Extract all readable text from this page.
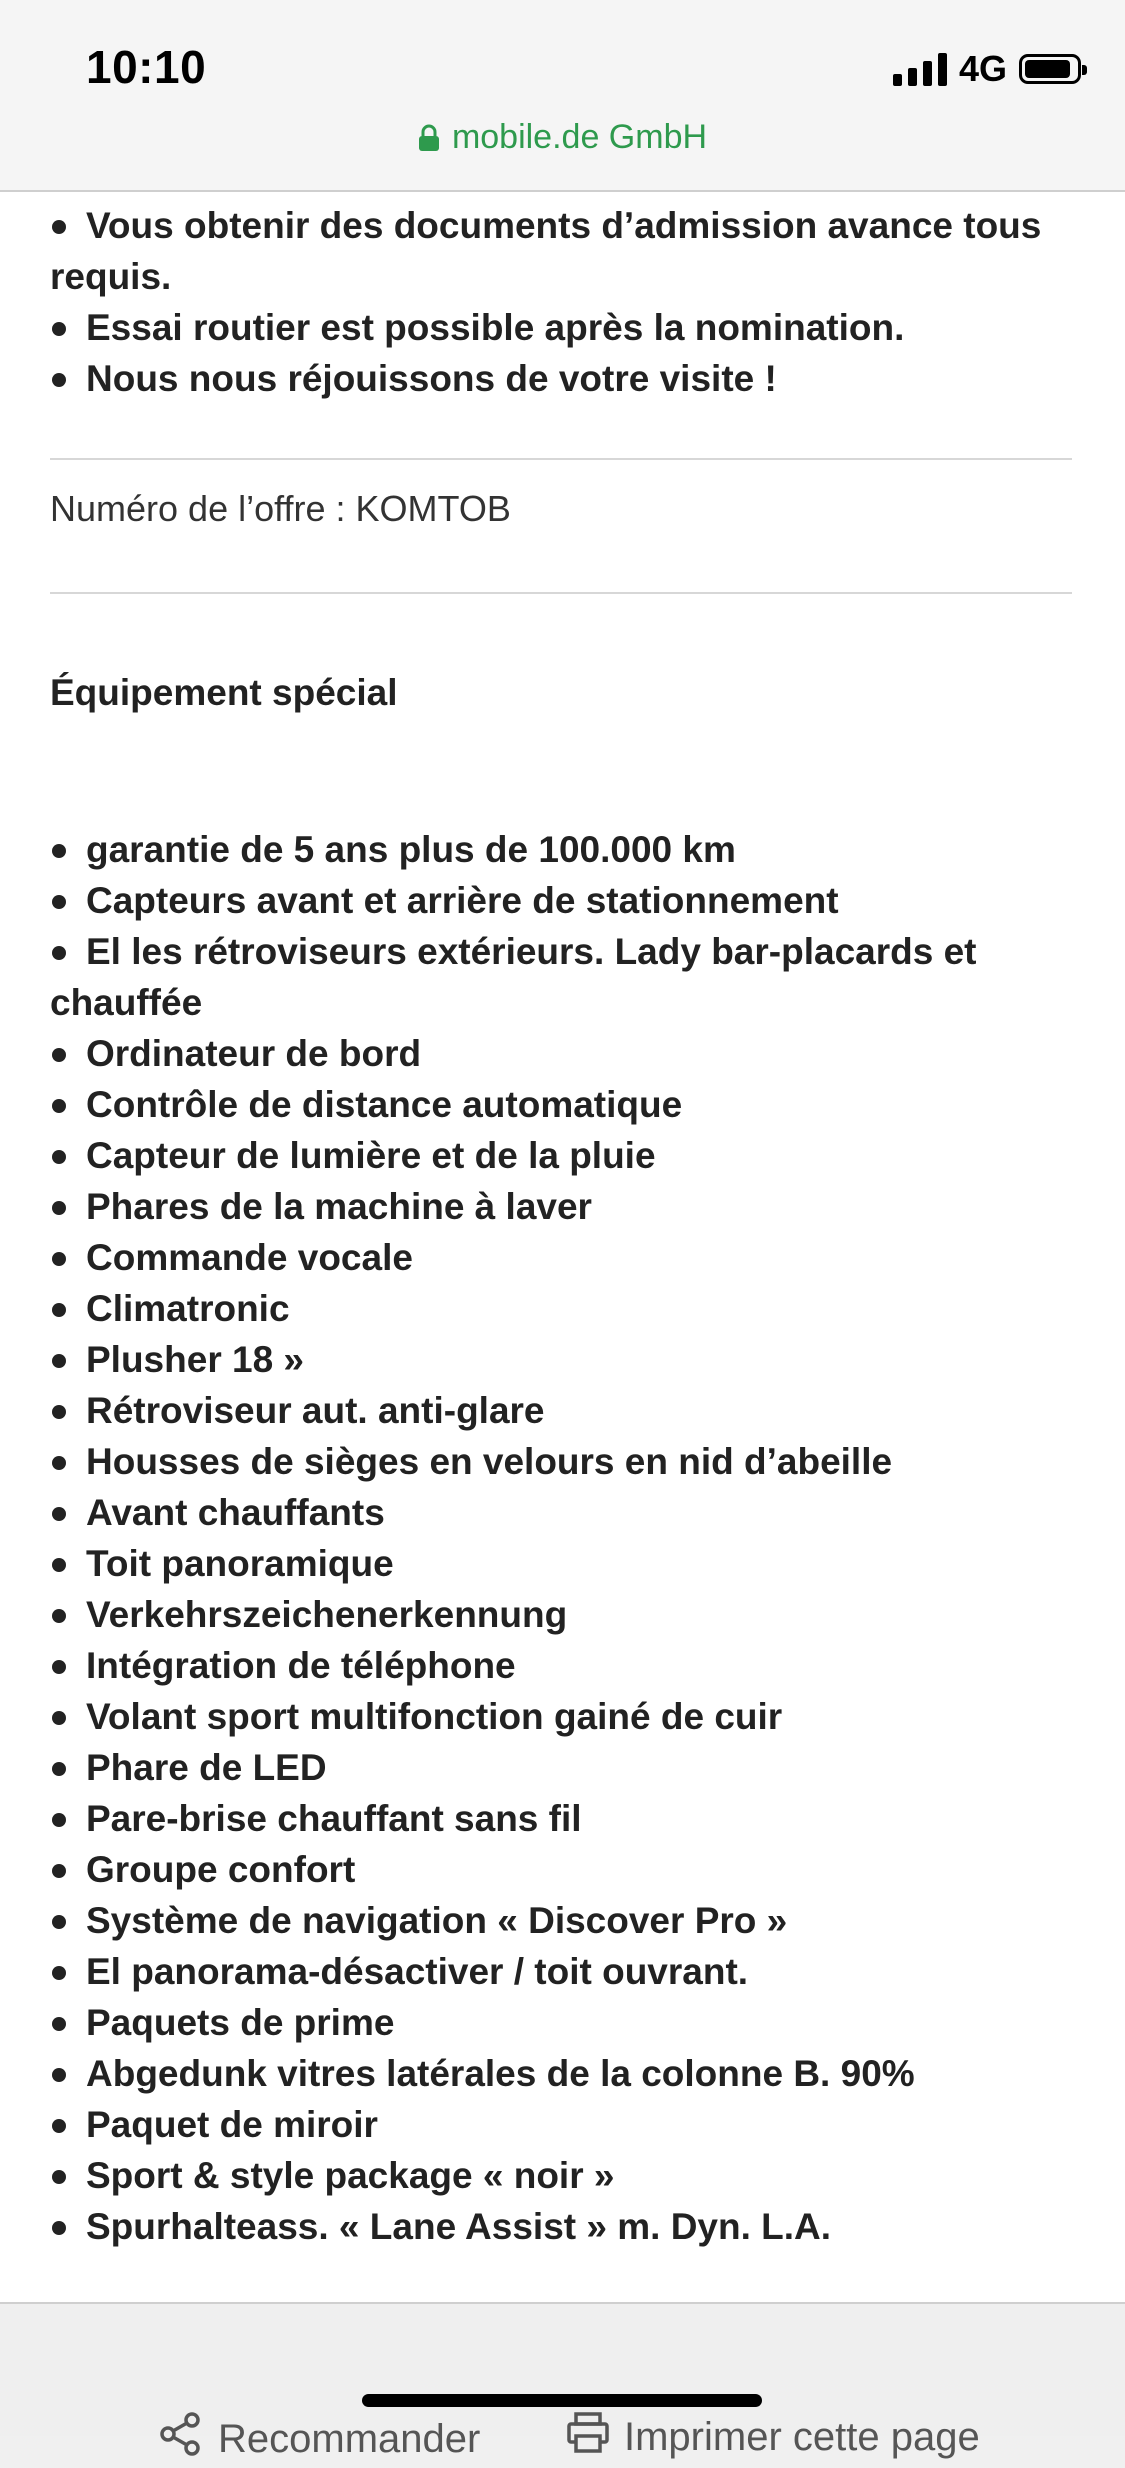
10:10	4G
mobile.de GmbH
Vous obtenir des documents d’admission avance tous requis.
Essai routier est possible après la nomination.
Nous nous réjouissons de votre visite !
Numéro de l’offre : KOMTOB
Équipement spécial
garantie de 5 ans plus de 100.000 km
Capteurs avant et arrière de stationnement
El les rétroviseurs extérieurs. Lady bar-placards et chauffée
Ordinateur de bord
Contrôle de distance automatique
Capteur de lumière et de la pluie
Phares de la machine à laver
Commande vocale
Climatronic
Plusher 18 »
Rétroviseur aut. anti-glare
Housses de sièges en velours en nid d’abeille
Avant chauffants
Toit panoramique
Verkehrszeichenerkennung
Intégration de téléphone
Volant sport multifonction gainé de cuir
Phare de LED
Pare-brise chauffant sans fil
Groupe confort
Système de navigation « Discover Pro »
El panorama-désactiver / toit ouvrant.
Paquets de prime
Abgedunk vitres latérales de la colonne B. 90%
Paquet de miroir
Sport & style package « noir »
Spurhalteass. « Lane Assist » m. Dyn. L.A.
Recommander	Imprimer cette page
